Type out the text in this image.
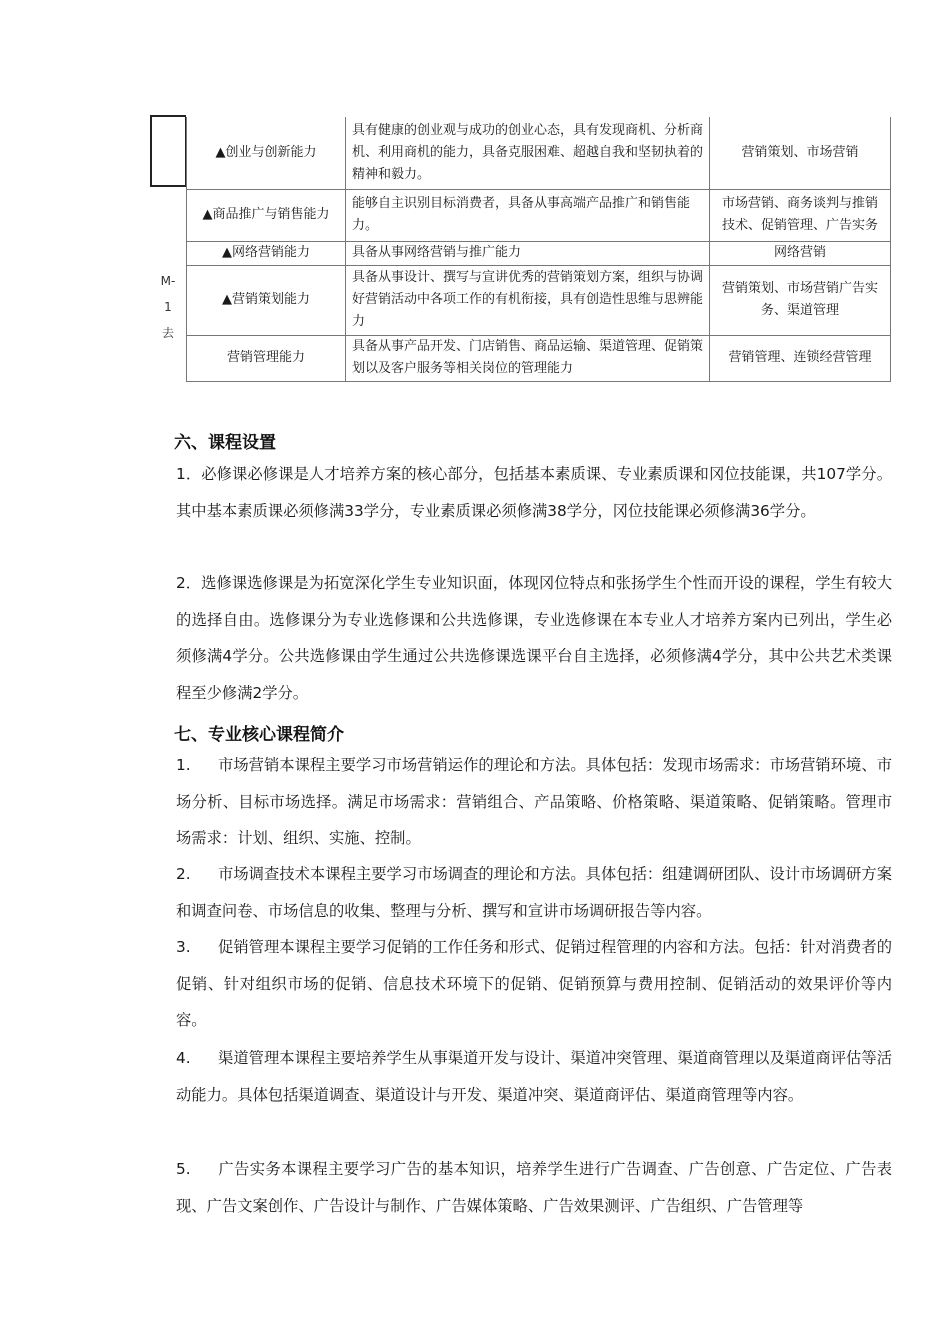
M-1
去
▲创业与创新能力	具有健康的创业观与成功的创业心态，具有发现商机、分析商机、利用商机的能力，具备克服困难、超越自我和坚韧执着的精神和毅力。	营销策划、市场营销
▲商品推广与销售能力	能够自主识别目标消费者，具备从事高端产品推广和销售能力。	市场营销、商务谈判与推销技术、促销管理、广告实务
▲网络营销能力	具备从事网络营销与推广能力	网络营销
▲营销策划能力	具备从事设计、撰写与宣讲优秀的营销策划方案，组织与协调好营销活动中各项工作的有机衔接，具有创造性思维与思辨能力	营销策划、市场营销广告实务、渠道管理
营销管理能力	具备从事产品开发、门店销售、商品运输、渠道管理、促销策划以及客户服务等相关岗位的管理能力	营销管理、连锁经营管理
六、课程设置
1．必修课必修课是人才培养方案的核心部分，包括基本素质课、专业素质课和冈位技能课，共107学分。其中基本素质课必须修满33学分，专业素质课必须修满38学分，冈位技能课必须修满36学分。
2．选修课选修课是为拓宽深化学生专业知识面，体现冈位特点和张扬学生个性而开设的课程，学生有较大的选择自由。选修课分为专业选修课和公共选修课，专业选修课在本专业人才培养方案内已列出，学生必须修满4学分。公共选修课由学生通过公共选修课选课平台自主选择，必须修满4学分，其中公共艺术类课程至少修满2学分。
七、专业核心课程简介
1. 市场营销本课程主要学习市场营销运作的理论和方法。具体包括：发现市场需求：市场营销环境、市场分析、目标市场选择。满足市场需求：营销组合、产品策略、价格策略、渠道策略、促销策略。管理市场需求：计划、组织、实施、控制。
2. 市场调查技术本课程主要学习市场调查的理论和方法。具体包括：组建调研团队、设计市场调研方案和调查问卷、市场信息的收集、整理与分析、撰写和宣讲市场调研报告等内容。
3. 促销管理本课程主要学习促销的工作任务和形式、促销过程管理的内容和方法。包括：针对消费者的促销、针对组织市场的促销、信息技术环境下的促销、促销预算与费用控制、促销活动的效果评价等内容。
4. 渠道管理本课程主要培养学生从事渠道开发与设计、渠道冲突管理、渠道商管理以及渠道商评估等活动能力。具体包括渠道调查、渠道设计与开发、渠道冲突、渠道商评估、渠道商管理等内容。
5. 广告实务本课程主要学习广告的基本知识，培养学生进行广告调查、广告创意、广告定位、广告表现、广告文案创作、广告设计与制作、广告媒体策略、广告效果测评、广告组织、广告管理等
